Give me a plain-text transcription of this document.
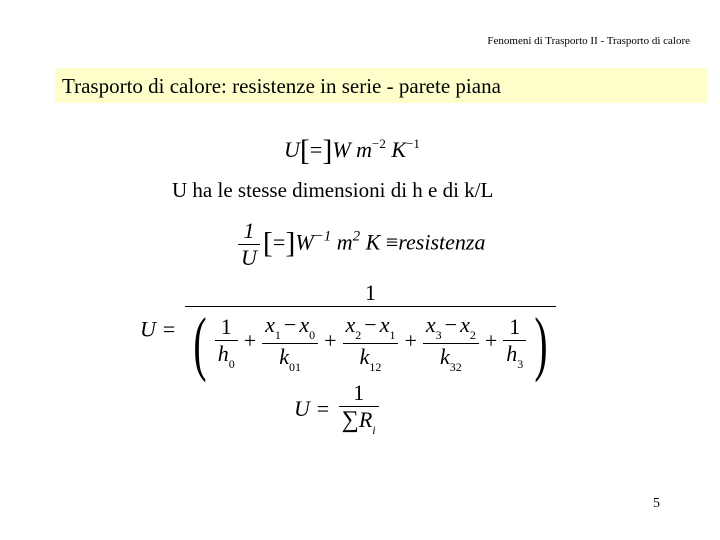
Fenomeni di Trasporto II - Trasporto di calore
Trasporto di calore: resistenze in serie - parete piana
U[=]W $m^{-2}$ $K^{-1}$
U ha le stesse dimensioni di h e di k/L
$\frac{1}{U} [=]W^{-1}$ $m^2$ K ≡resistenza
$U = \frac{1}{( \frac{1}{h_0} + \frac{x_1 - x_0}{k_{01}} + \frac{x_2 - x_1}{k_{12}} + \frac{x_3 - x_2}{k_{32}} + \frac{1}{h_3} )}$
$U = \frac{1}{\sum R_i}$
5
